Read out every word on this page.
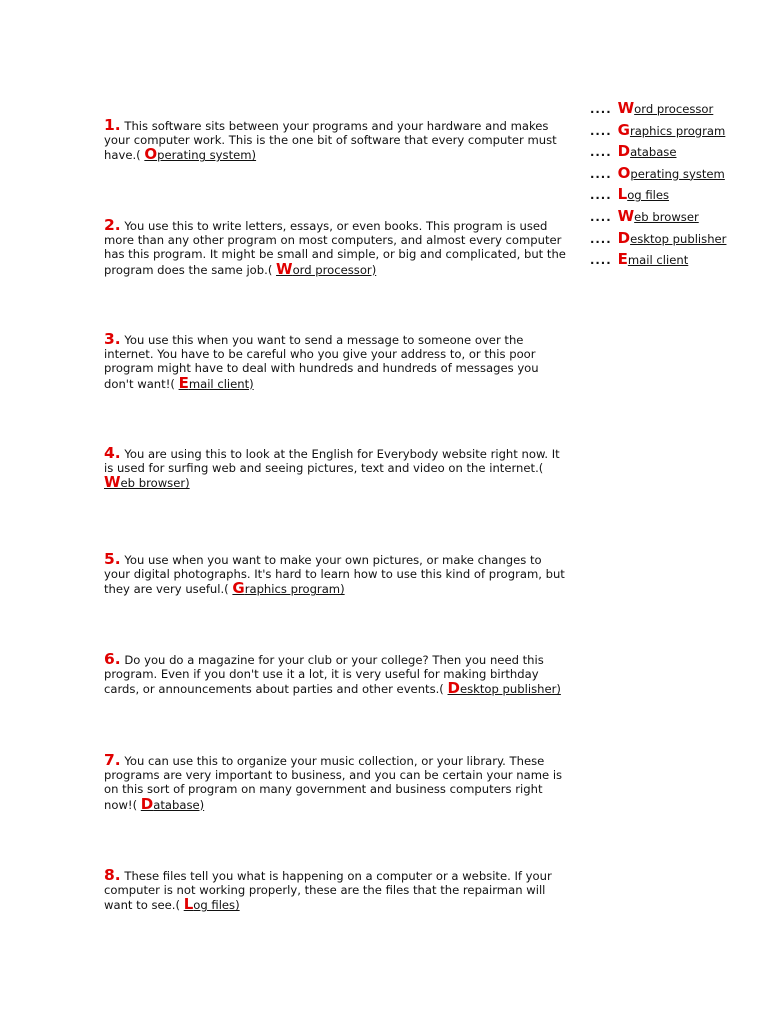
1. This software sits between your programs and your hardware and makes your computer work. This is the one bit of software that every computer must have.( Operating system)

2. You use this to write letters, essays, or even books. This program is used more than any other program on most computers, and almost every computer has this program. It might be small and simple, or big and complicated, but the program does the same job.( Word processor)

3. You use this when you want to send a message to someone over the internet. You have to be careful who you give your address to, or this poor program might have to deal with hundreds and hundreds of messages you don't want!( Email client)

4. You are using this to look at the English for Everybody website right now. It is used for surfing web and seeing pictures, text and video on the internet.( Web browser)

5. You use when you want to make your own pictures, or make changes to your digital photographs. It's hard to learn how to use this kind of program, but they are very useful.( Graphics program)

6. Do you do a magazine for your club or your college? Then you need this program. Even if you don't use it a lot, it is very useful for making birthday cards, or announcements about parties and other events.( Desktop publisher)

7. You can use this to organize your music collection, or your library. These programs are very important to business, and you can be certain your name is on this sort of program on many government and business computers right now!( Database)

8. These files tell you what is happening on a computer or a website. If your computer is not working properly, these are the files that the repairman will want to see.( Log files)

.... Word processor
.... Graphics program
.... Database
.... Operating system
.... Log files
.... Web browser
.... Desktop publisher
.... Email client
